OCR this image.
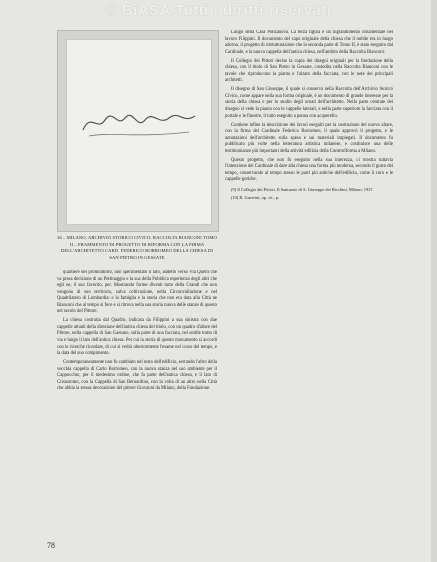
© BiASA Tutti i diritti riservati
36 – MILANO, ARCHIVIO STORICO CIVICO, RACCOLTA BIANCONI TOMO II – FRAMMENTO DI PROGETTO DI RIFORMA CON LA FIRMA DELL'ARCHITETTO CARD. FEDERICO BORROMEO DELLA CHIESA DI SAN PIETRO IN GESSATE

quartiere del promontorio, non sperimentato il lato, addetto verso Via Quelli che va presa decisione di un Pettinaggio e la sua della Pubblica esperienza degli altri che egli ne, il suo favorito, per. Mostrando forme diventi tutto della Grandi che non vengono di suo territorio, salva coltivazione, nella Circonvallazione e nel Quadrilatero di Lombardia: e la famiglia e la storia che non era data alla Città ne Bianconi che al tempo si fece e si ritrova nella sua storia nuova delle stanze di questo nel secolo del Pittore.

La chiesa costruita dal Quadro, indicata da Filippini a sua sinistra con due cappelle attuali della direzione dell'antica chiesa del titolo, con un quadro d'altare del Pittore, nella cappella di San Gaetano, sulla parte di una facciata, nel sottile tratto di via e lungo il lato dell'antica chiesa. Per cui la storia di questo monumento si accordi con le ricerche ricordate, di cui si vedrà ulteriormente l'esame nel corso del tempo, e la data del suo compimento.

Contemporaneamente non fu cambiato nel resto dell'edificio, serrando l'altro della vecchia cappella di Carlo Borromeo, con la nuova stanza nel suo ambiente per il Cappuccino, per il medesimo ordine, che fa parte dell'antica chiesa, e il lato di Crisostomo, con la Cappella di San Bernardino, con la volta di un altro nella Città che abbia la stessa decorazione del pittore Giovanni da Milano, della Fondazione.

Lungo della Casa Ponzanova. La terza figura è un ingrandimento ornamentale nel lavoro Filippini. Il documento del capo originale della chiesa che il nobile era in luogo adorno, il progetto di ristrutturazione che la seconda parte di Tomo II, è stato eseguito dal Cardinale, e la nuova cappella dell'antica chiesa, nell'ambito della Raccolta Bianconi.

Il Collegio dei Pittori decise la copia dei disegni originali per la fondazione della chiesa, con il titolo di San Pietro in Gessate, custodita nella Raccolta Bianconi con le tavole che riproducono la pianta e l'alzato della facciata, con le note dei principali architetti.

Il disegno di San Giuseppe, il quale si conserva nella Raccolta dell'Archivio Storico Civico, come appare nella sua forma originale, è un documento di grande interesse per la storia della chiesa e per lo studio degli ornati dell'architetto. Nella parte centrale del disegno si vede la pianta con le cappelle laterali, e nella parte superiore la facciata con il portale e le finestre, il tutto eseguito a penna con acquerello.

Contiene infine la descrizione dei lavori eseguiti per la costruzione del nuovo altare, con la firma del Cardinale Federico Borromeo, il quale approvò il progetto, e le annotazioni dell'architetto sulla spesa e sui materiali impiegati. Il documento fu pubblicato più volte nella letteratura artistica milanese, e costituisce una delle testimonianze più importanti della attività edilizia della Controriforma a Milano.

Questo progetto, che non fu eseguito nella sua interezza, ci mostra tuttavia l'intenzione del Cardinale di dare alla chiesa una forma più moderna, secondo il gusto del tempo, conservando al tempo stesso le parti più antiche dell'edificio, come il coro e le cappelle gotiche.

(9) Il Collegio dei Pittori, Il Santuario di S. Giuseppe dei Ricchini, Milano, 1937.

(10) R. Guerrini, op. cit., p.

78
